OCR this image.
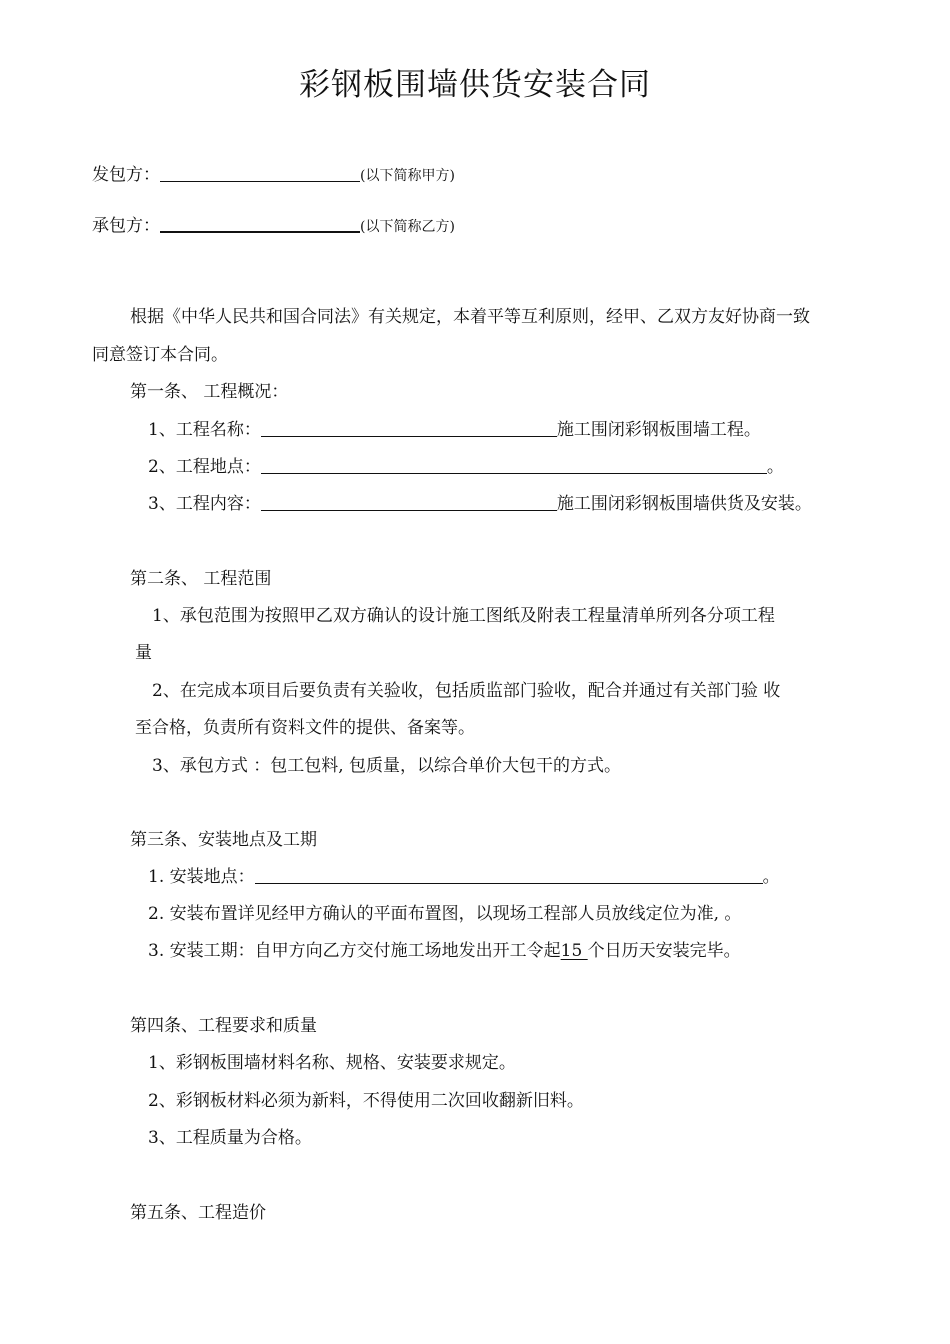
彩钢板围墙供货安装合同
发包方：	(以下简称甲方)
承包方：	(以下简称乙方)
根据《中华人民共和国合同法》有关规定，本着平等互利原则，经甲、乙双方友好协商一致
同意签订本合同。
第一条、 工程概况：
1、工程名称：	施工围闭彩钢板围墙工程。
2、工程地点：	。
3、工程内容：	施工围闭彩钢板围墙供货及安装。
第二条、 工程范围
1、承包范围为按照甲乙双方确认的设计施工图纸及附表工程量清单所列各分项工程
量
2、在完成本项目后要负责有关验收，包括质监部门验收，配合并通过有关部门验 收
至合格，负责所有资料文件的提供、备案等。
3、承包方式 ：包工包料, 包质量，以综合单价大包干的方式。
第三条、安装地点及工期
1. 安装地点：	。
2. 安装布置详见经甲方确认的平面布置图，以现场工程部人员放线定位为准, 。
3. 安装工期：自甲方向乙方交付施工场地发出开工令起15 个日历天安装完毕。
第四条、工程要求和质量
1、彩钢板围墙材料名称、规格、安装要求规定。
2、彩钢板材料必须为新料，不得使用二次回收翻新旧料。
3、工程质量为合格。
第五条、工程造价
